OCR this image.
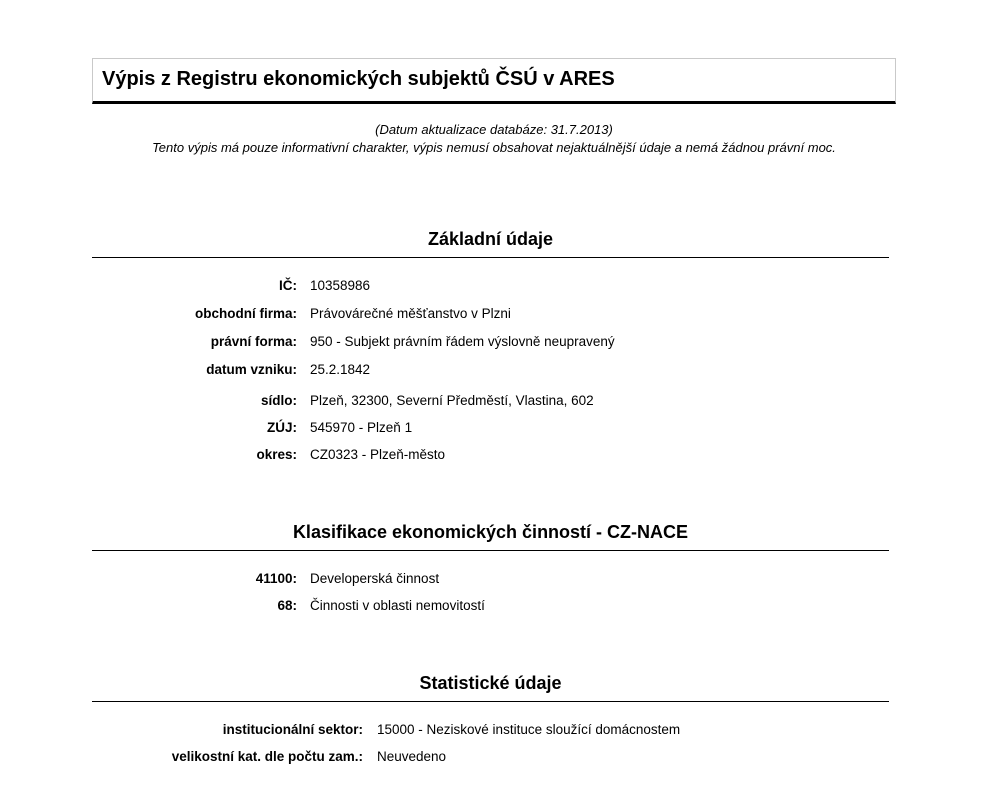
Výpis z Registru ekonomických subjektů ČSÚ v ARES
(Datum aktualizace databáze: 31.7.2013)
Tento výpis má pouze informativní charakter, výpis nemusí obsahovat nejaktuálnější údaje a nemá žádnou právní moc.
Základní údaje
IČ: 10358986
obchodní firma: Právovárečné měšťanstvo v Plzni
právní forma: 950 - Subjekt právním řádem výslovně neupravený
datum vzniku: 25.2.1842
sídlo: Plzeň, 32300, Severní Předměstí, Vlastina, 602
ZÚJ: 545970 - Plzeň 1
okres: CZ0323 - Plzeň-město
Klasifikace ekonomických činností - CZ-NACE
41100: Developerská činnost
68: Činnosti v oblasti nemovitostí
Statistické údaje
institucionální sektor:	15000 - Neziskové instituce sloužící domácnostem
velikostní kat. dle počtu zam.:	Neuvedeno
